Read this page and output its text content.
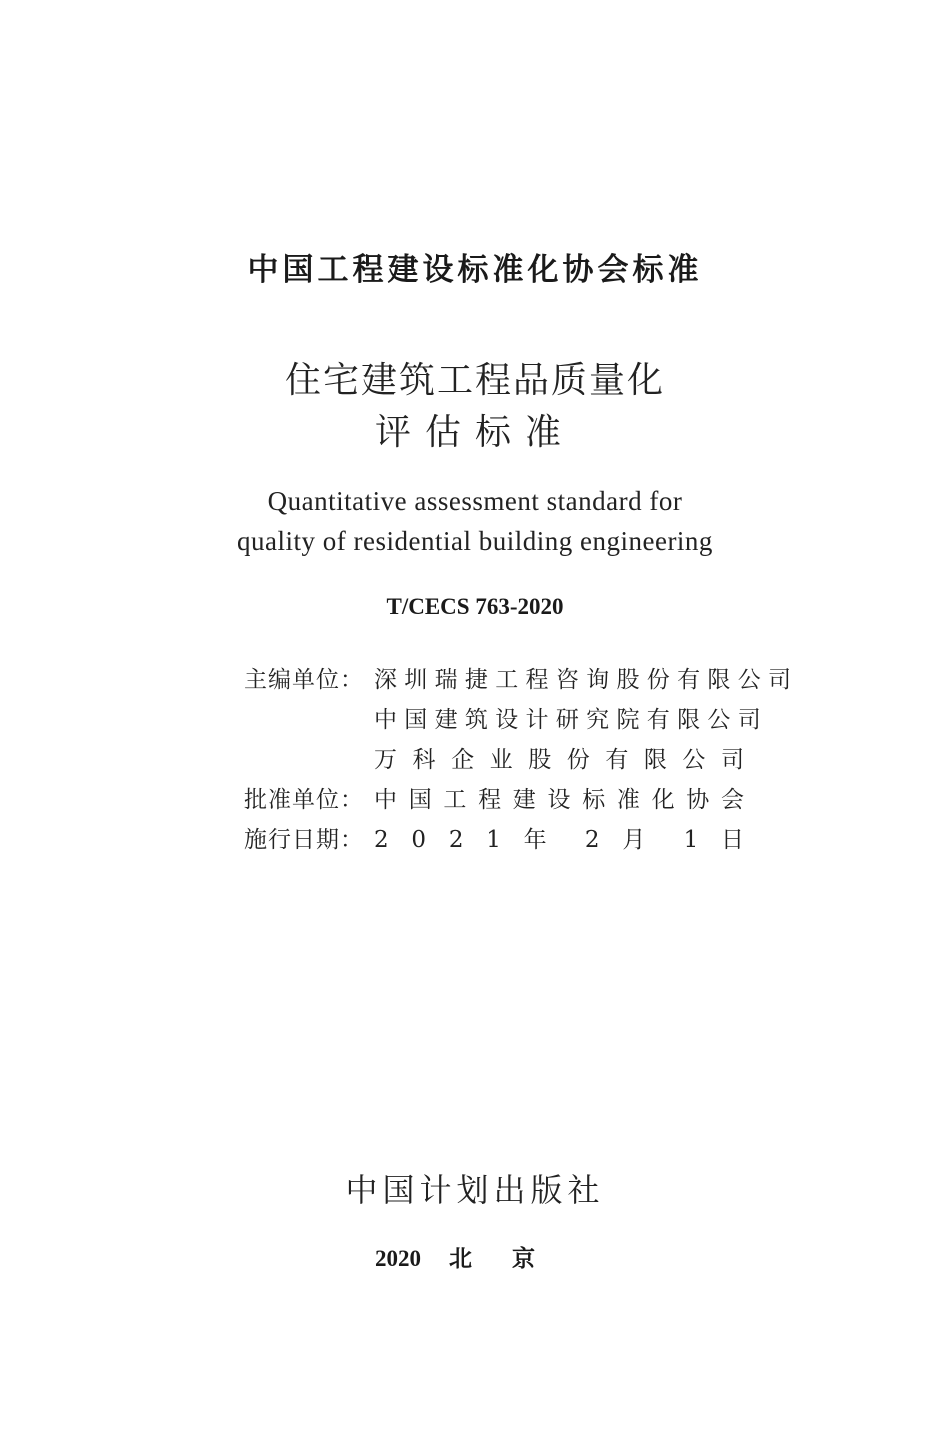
中国工程建设标准化协会标准
住宅建筑工程品质量化
评估标准
Quantitative assessment standard for
quality of residential building engineering
T/CECS 763-2020
主编单位： 深 圳 瑞 捷 工 程 咨 询 股 份 有 限 公 司
中 国 建 筑 设 计 研 究 院 有 限 公 司
万 科 企 业 股 份 有 限 公 司
批准单位： 中 国 工 程 建 设 标 准 化 协 会
施行日期： 2 0 2 1 年 2 月 1 日
中国计划出版社
2020 北京
